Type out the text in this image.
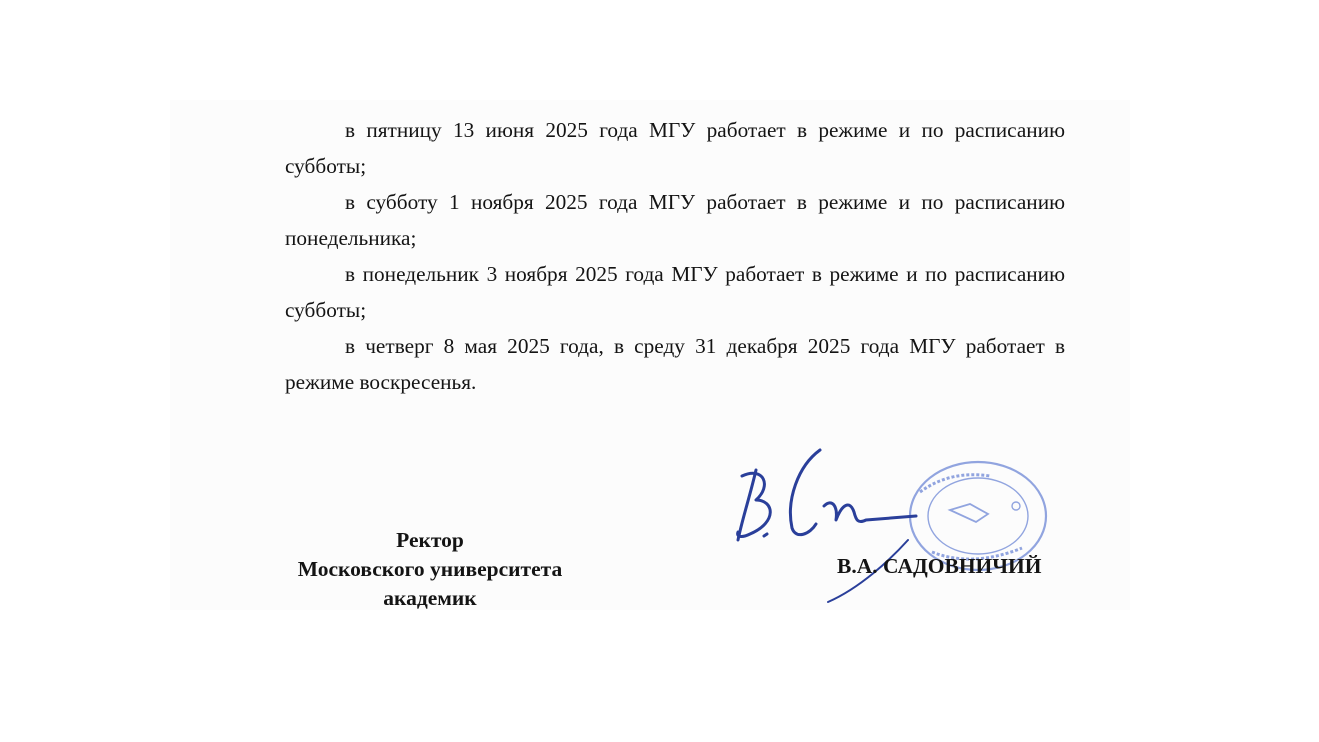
в пятницу 13 июня 2025 года МГУ работает в режиме и по расписанию субботы;

в субботу 1 ноября 2025 года МГУ работает в режиме и по расписанию понедельника;

в понедельник 3 ноября 2025 года МГУ работает в режиме и по расписанию субботы;

в четверг 8 мая 2025 года, в среду 31 декабря 2025 года МГУ работает в режиме воскресенья.

Ректор
Московского университета
академик
В.А. САДОВНИЧИЙ
